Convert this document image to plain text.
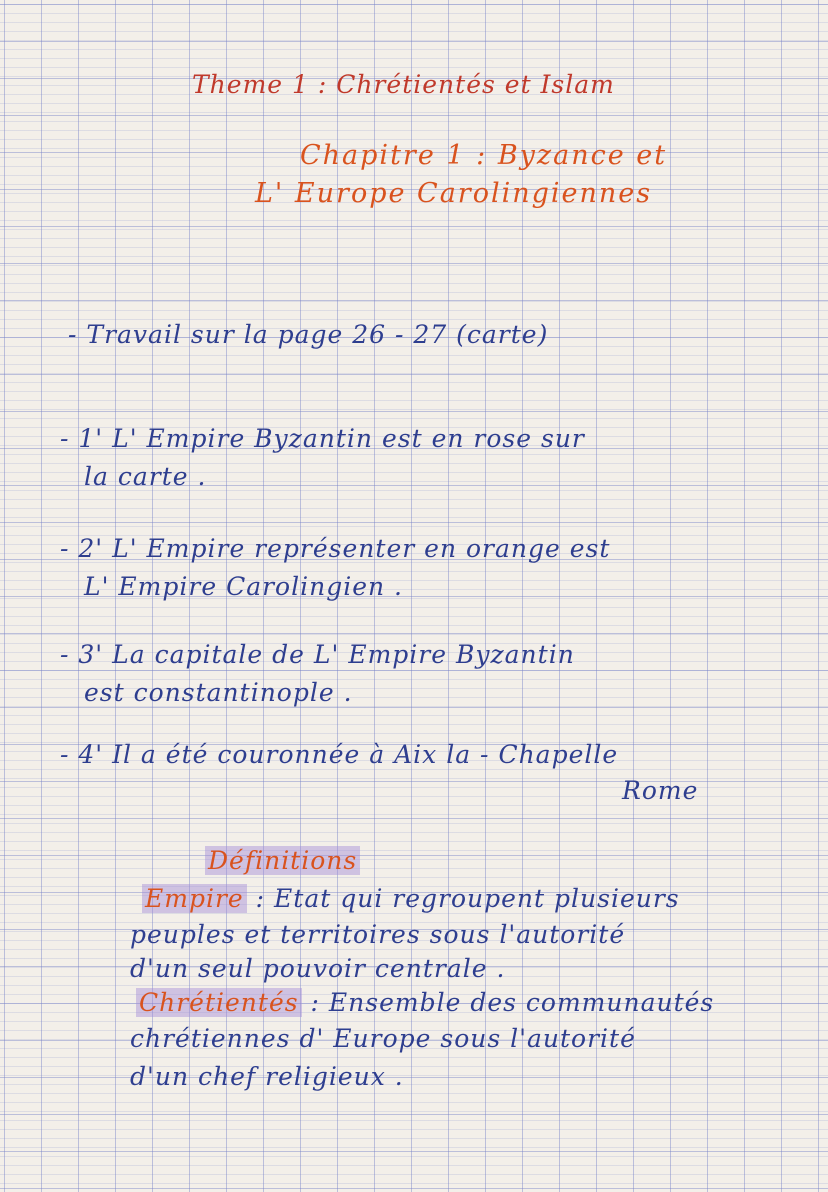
Theme 1 : Chrétientés et Islam
Chapitre 1 : Byzance et
L' Europe Carolingiennes
- Travail sur la page 26 - 27 (carte)
- 1' L' Empire Byzantin est en rose sur
la carte .
- 2' L' Empire représenter en orange est
L' Empire Carolingien .
- 3' La capitale de L' Empire Byzantin
est constantinople .
- 4' Il a été couronnée à Aix la - Chapelle
Rome
Définitions
Empire : Etat qui regroupent plusieurs
peuples et territoires sous l'autorité
d'un seul pouvoir centrale .
Chrétientés : Ensemble des communautés
chrétiennes d' Europe sous l'autorité
d'un chef religieux .
